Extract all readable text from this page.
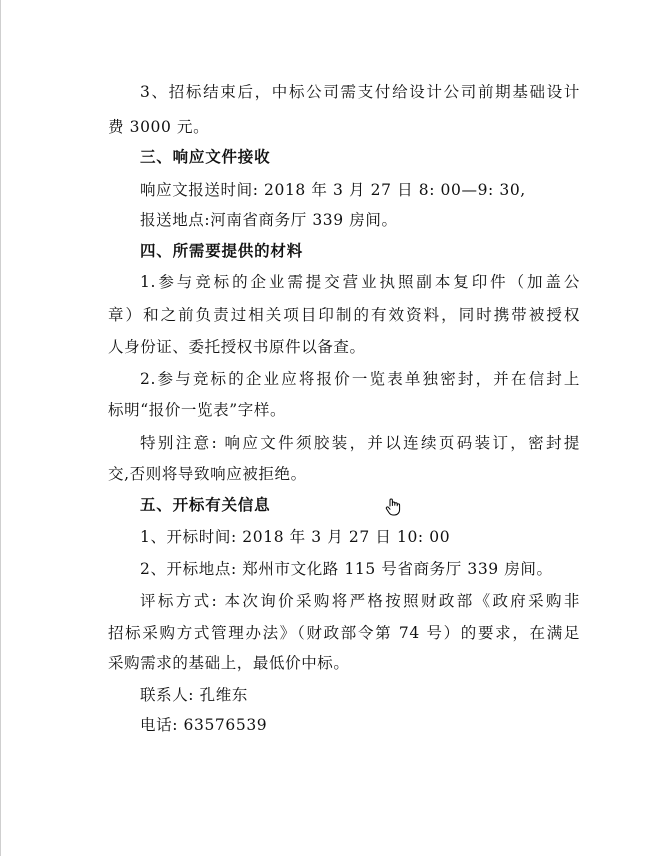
3、招标结束后，中标公司需支付给设计公司前期基础设计
费 3000 元。
三、响应文件接收
响应文报送时间: 2018 年 3 月 27 日 8: 00—9: 30,
报送地点:河南省商务厅 339 房间。
四、所需要提供的材料
1.参与竞标的企业需提交营业执照副本复印件（加盖公
章）和之前负责过相关项目印制的有效资料，同时携带被授权
人身份证、委托授权书原件以备查。
2.参与竞标的企业应将报价一览表单独密封，并在信封上
标明“报价一览表”字样。
特别注意: 响应文件须胶装，并以连续页码装订，密封提
交,否则将导致响应被拒绝。
五、开标有关信息
1、开标时间: 2018 年 3 月 27 日 10: 00
2、开标地点: 郑州市文化路 115 号省商务厅 339 房间。
评标方式: 本次询价采购将严格按照财政部《政府采购非
招标采购方式管理办法》（财政部令第 74 号）的要求，在满足
采购需求的基础上，最低价中标。
联系人: 孔维东
电话: 63576539
